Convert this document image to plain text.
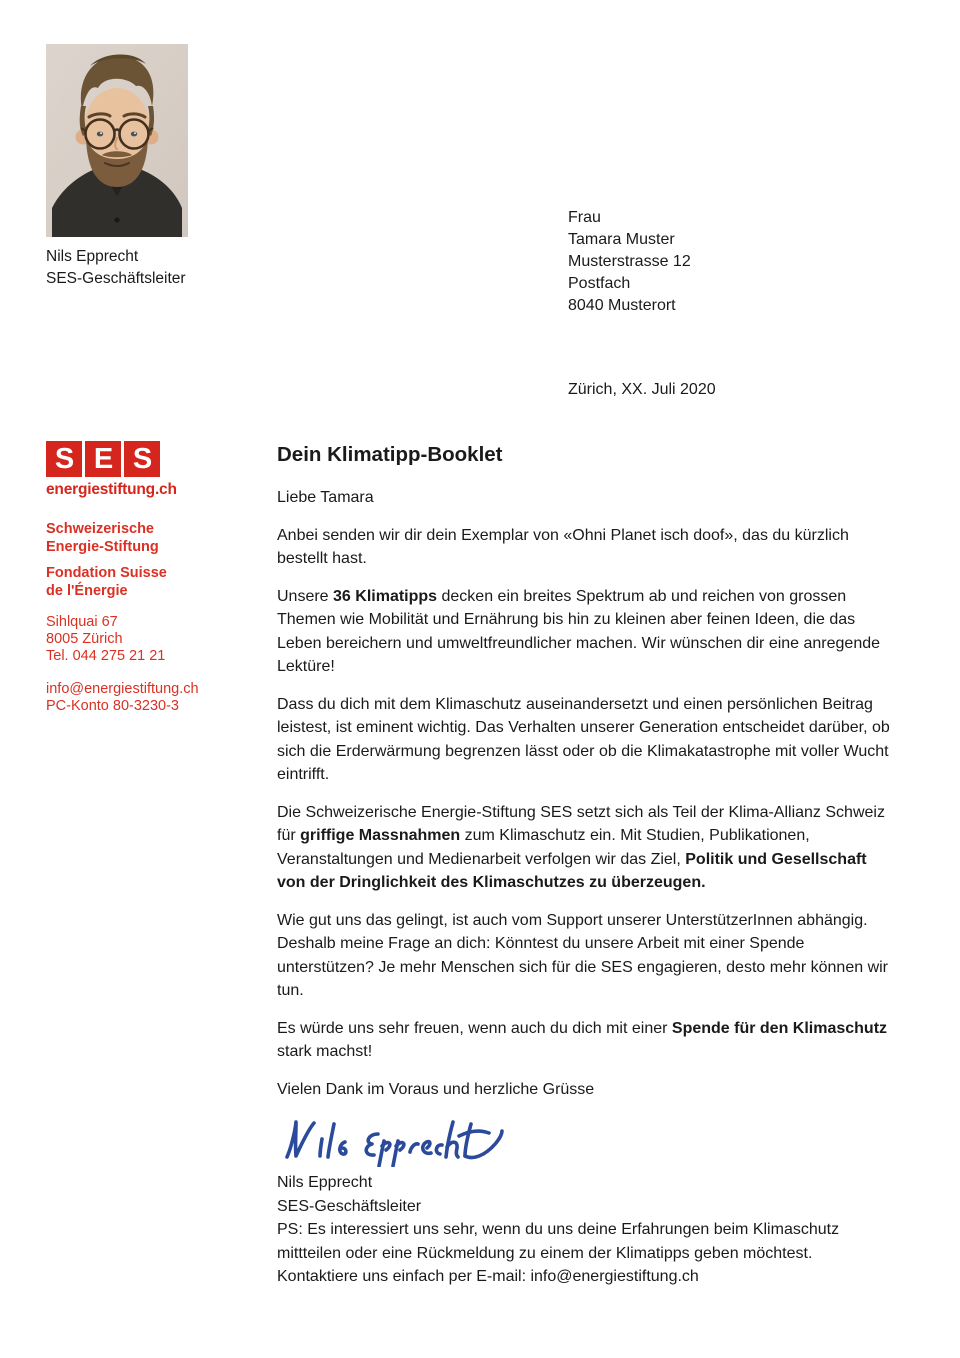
Nils Epprecht
SES-Geschäftsleiter
Frau
Tamara Muster
Musterstrasse 12
Postfach
8040 Musterort
Zürich, XX. Juli 2020
S E S
energiestiftung.ch
Schweizerische
Energie-Stiftung
Fondation Suisse
de l'Énergie
Sihlquai 67
8005 Zürich
Tel. 044 275 21 21
info@energiestiftung.ch
PC-Konto 80-3230-3
Dein Klimatipp-Booklet

Liebe Tamara

Anbei senden wir dir dein Exemplar von «Ohni Planet isch doof», das du kürzlich bestellt hast.

Unsere 36 Klimatipps decken ein breites Spektrum ab und reichen von grossen Themen wie Mobilität und Ernährung bis hin zu kleinen aber feinen Ideen, die das Leben bereichern und umweltfreundlicher machen. Wir wünschen dir eine anregende Lektüre!

Dass du dich mit dem Klimaschutz auseinandersetzt und einen persönlichen Beitrag leistest, ist eminent wichtig. Das Verhalten unserer Generation entscheidet darüber, ob sich die Erderwärmung begrenzen lässt oder ob die Klimakatastrophe mit voller Wucht eintrifft.

Die Schweizerische Energie-Stiftung SES setzt sich als Teil der Klima-Allianz Schweiz für griffige Massnahmen zum Klimaschutz ein. Mit Studien, Publikationen, Veranstaltungen und Medienarbeit verfolgen wir das Ziel, Politik und Gesellschaft von der Dringlichkeit des Klimaschutzes zu überzeugen.

Wie gut uns das gelingt, ist auch vom Support unserer UnterstützerInnen abhängig. Deshalb meine Frage an dich: Könntest du unsere Arbeit mit einer Spende unterstützen? Je mehr Menschen sich für die SES engagieren, desto mehr können wir tun.

Es würde uns sehr freuen, wenn auch du dich mit einer Spende für den Klimaschutz stark machst!

Vielen Dank im Voraus und herzliche Grüsse

Nils Epprecht
SES-Geschäftsleiter

PS: Es interessiert uns sehr, wenn du uns deine Erfahrungen beim Klimaschutz mittteilen oder eine Rückmeldung zu einem der Klimatipps geben möchtest. Kontaktiere uns einfach per E-mail: info@energiestiftung.ch
